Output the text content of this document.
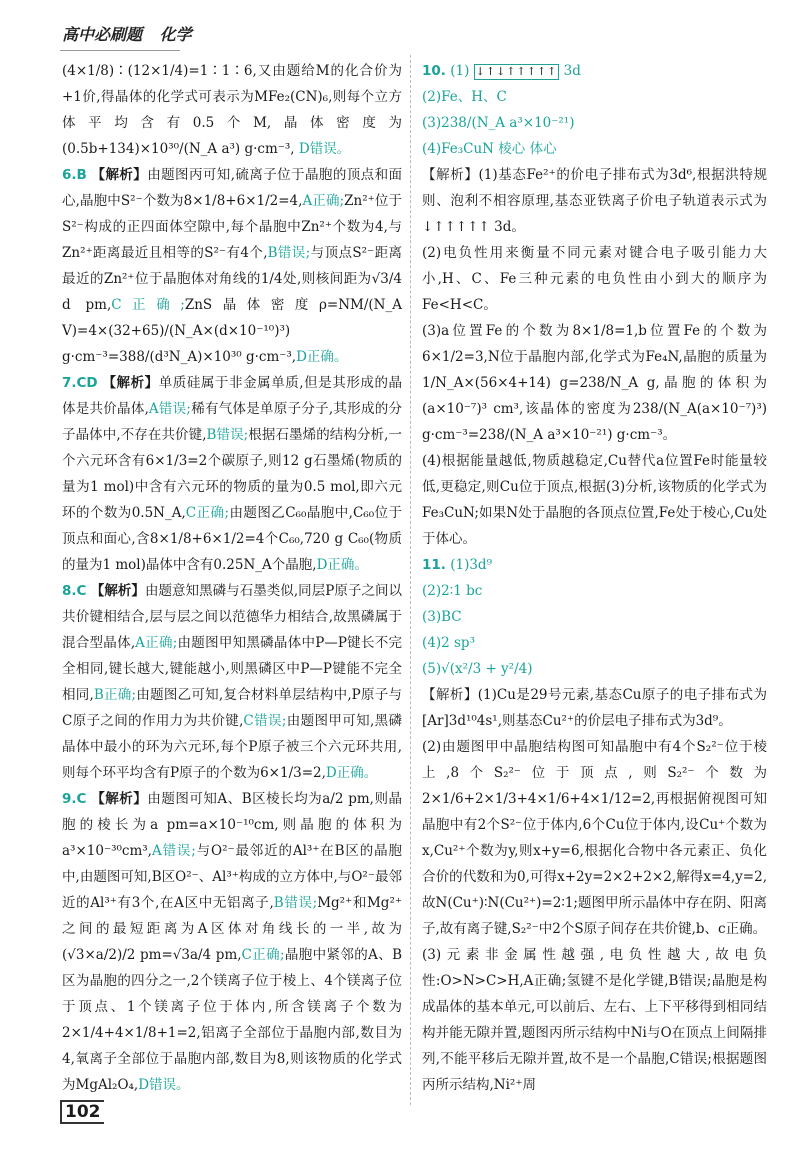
高中必刷题 化学

(4×1/8)∶(12×1/4)=1∶1∶6,又由题给M的化合价为+1价,得晶体的化学式可表示为MFe₂(CN)₆,则每个立方体平均含有0.5个M,晶体密度为(0.5b+134)×10³⁰/(N_A a³) g·cm⁻³, D错误。

6.B 【解析】由题图丙可知,硫离子位于晶胞的顶点和面心,晶胞中S²⁻个数为8×1/8+6×1/2=4,A正确;Zn²⁺位于S²⁻构成的正四面体空隙中,每个晶胞中Zn²⁺个数为4,与Zn²⁺距离最近且相等的S²⁻有4个,B错误;与顶点S²⁻距离最近的Zn²⁺位于晶胞体对角线的1/4处,则核间距为√3/4 d pm,C正确;ZnS晶体密度ρ=NM/(N_A V)=4×(32+65)/(N_A×(d×10⁻¹⁰)³) g·cm⁻³=388/(d³N_A)×10³⁰ g·cm⁻³,D正确。

7.CD 【解析】单质硅属于非金属单质,但是其形成的晶体是共价晶体,A错误;稀有气体是单原子分子,其形成的分子晶体中,不存在共价键,B错误;根据石墨烯的结构分析,一个六元环含有6×1/3=2个碳原子,则12 g石墨烯(物质的量为1 mol)中含有六元环的物质的量为0.5 mol,即六元环的个数为0.5N_A,C正确;由题图乙C₆₀晶胞中,C₆₀位于顶点和面心,含8×1/8+6×1/2=4个C₆₀,720 g C₆₀(物质的量为1 mol)晶体中含有0.25N_A个晶胞,D正确。

8.C 【解析】由题意知黑磷与石墨类似,同层P原子之间以共价键相结合,层与层之间以范德华力相结合,故黑磷属于混合型晶体,A正确;由题图甲知黑磷晶体中P—P键长不完全相同,键长越大,键能越小,则黑磷区中P—P键能不完全相同,B正确;由题图乙可知,复合材料单层结构中,P原子与C原子之间的作用力为共价键,C错误;由题图甲可知,黑磷晶体中最小的环为六元环,每个P原子被三个六元环共用,则每个环平均含有P原子的个数为6×1/3=2,D正确。

9.C 【解析】由题图可知A、B区棱长均为a/2 pm,则晶胞的棱长为a pm=a×10⁻¹⁰cm,则晶胞的体积为a³×10⁻³⁰cm³,A错误;与O²⁻最邻近的Al³⁺在B区的晶胞中,由题图可知,B区O²⁻、Al³⁺构成的立方体中,与O²⁻最邻近的Al³⁺有3个,在A区中无铝离子,B错误;Mg²⁺和Mg²⁺之间的最短距离为A区体对角线长的一半,故为(√3×a/2)/2 pm=√3a/4 pm,C正确;晶胞中紧邻的A、B区为晶胞的四分之一,2个镁离子位于棱上、4个镁离子位于顶点、1个镁离子位于体内,所含镁离子个数为2×1/4+4×1/8+1=2,铝离子全部位于晶胞内部,数目为4,氧离子全部位于晶胞内部,数目为8,则该物质的化学式为MgAl₂O₄,D错误。

10. (1) ↓↑↓↑↑↑↑↑ 3d

(2)Fe、H、C

(3)238/(N_A a³×10⁻²¹)

(4)Fe₃CuN 棱心 体心

【解析】(1)基态Fe²⁺的价电子排布式为3d⁶,根据洪特规则、泡利不相容原理,基态亚铁离子价电子轨道表示式为 ↓↑↑↑↑↑ 3d。

(2)电负性用来衡量不同元素对键合电子吸引能力大小,H、C、Fe三种元素的电负性由小到大的顺序为Fe<H<C。

(3)a位置Fe的个数为8×1/8=1,b位置Fe的个数为6×1/2=3,N位于晶胞内部,化学式为Fe₄N,晶胞的质量为1/N_A×(56×4+14) g=238/N_A g,晶胞的体积为(a×10⁻⁷)³ cm³,该晶体的密度为238/(N_A(a×10⁻⁷)³) g·cm⁻³=238/(N_A a³×10⁻²¹) g·cm⁻³。

(4)根据能量越低,物质越稳定,Cu替代a位置Fe时能量较低,更稳定,则Cu位于顶点,根据(3)分析,该物质的化学式为Fe₃CuN;如果N处于晶胞的各顶点位置,Fe处于棱心,Cu处于体心。

11. (1)3d⁹

(2)2∶1 bc

(3)BC

(4)2 sp³

(5)√(x²/3 + y²/4)

【解析】(1)Cu是29号元素,基态Cu原子的电子排布式为[Ar]3d¹⁰4s¹,则基态Cu²⁺的价层电子排布式为3d⁹。

(2)由题图甲中晶胞结构图可知晶胞中有4个S₂²⁻位于棱上,8个S₂²⁻位于顶点,则S₂²⁻个数为2×1/6+2×1/3+4×1/6+4×1/12=2,再根据俯视图可知晶胞中有2个S²⁻位于体内,6个Cu位于体内,设Cu⁺个数为x,Cu²⁺个数为y,则x+y=6,根据化合物中各元素正、负化合价的代数和为0,可得x+2y=2×2+2×2,解得x=4,y=2,故N(Cu⁺)∶N(Cu²⁺)=2∶1;题图甲所示晶体中存在阴、阳离子,故有离子键,S₂²⁻中2个S原子间存在共价键,b、c正确。

(3)元素非金属性越强,电负性越大,故电负性:O>N>C>H,A正确;氢键不是化学键,B错误;晶胞是构成晶体的基本单元,可以前后、左右、上下平移得到相同结构并能无隙并置,题图丙所示结构中Ni与O在顶点上间隔排列,不能平移后无隙并置,故不是一个晶胞,C错误;根据题图丙所示结构,Ni²⁺周

102
